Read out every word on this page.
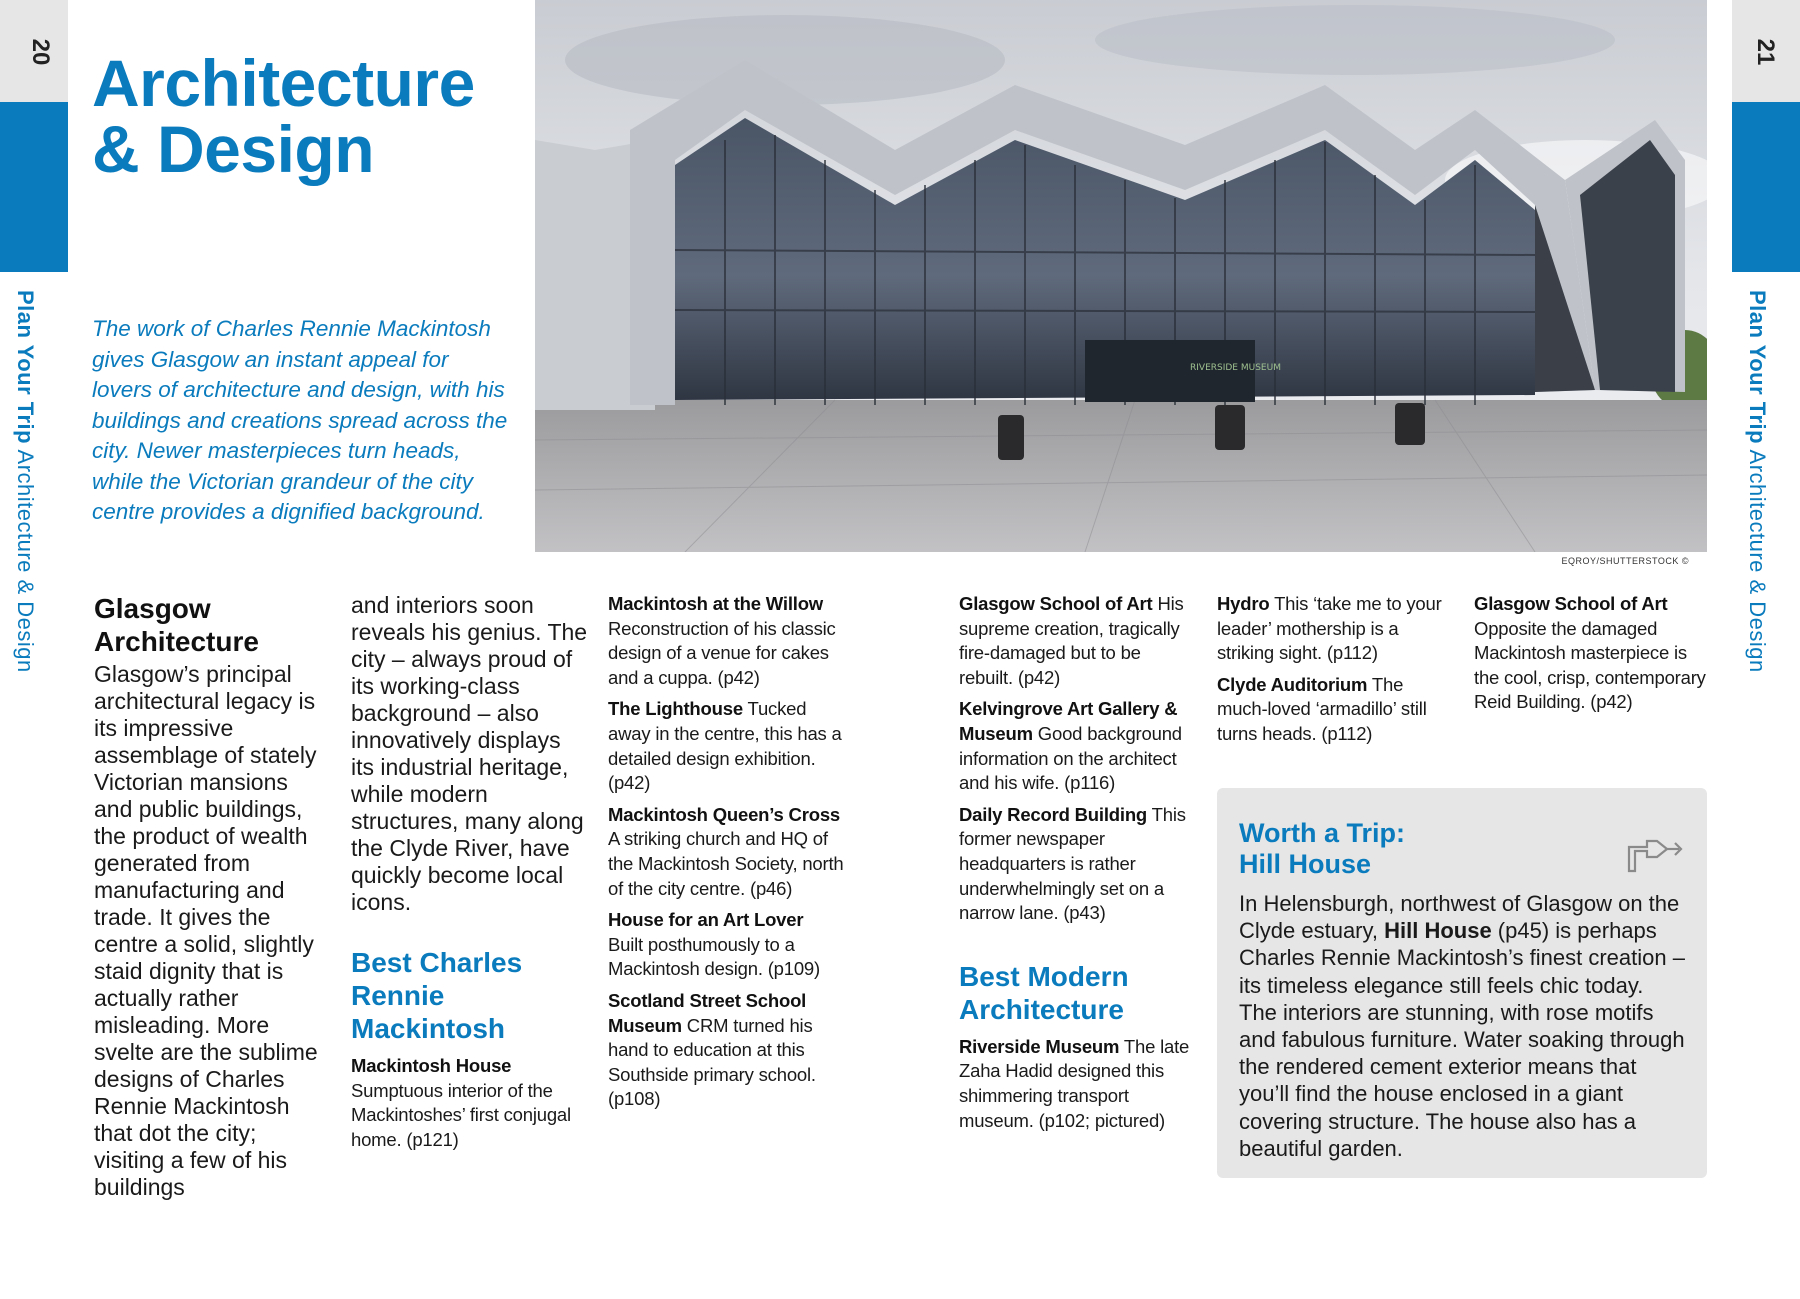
20
Plan Your Trip Architecture & Design
21
Plan Your Trip Architecture & Design
Architecture
& Design

The work of Charles Rennie Mackintosh gives Glasgow an instant appeal for lovers of architecture and design, with his buildings and creations spread across the city. Newer masterpieces turn heads, while the Victorian grandeur of the city centre provides a dignified background.

RIVERSIDE MUSEUM
EQROY/SHUTTERSTOCK ©
Glasgow Architecture

Glasgow’s principal architectural legacy is its impressive assemblage of stately Victorian mansions and public buildings, the product of wealth generated from manufacturing and trade. It gives the centre a solid, slightly staid dignity that is actually rather misleading. More svelte are the sublime designs of Charles Rennie Mackintosh that dot the city; visiting a few of his buildings

and interiors soon reveals his genius. The city – always proud of its working-class background – also innovatively displays its industrial heritage, while modern structures, many along the Clyde River, have quickly become local icons.

Best Charles Rennie Mackintosh
Mackintosh House
Sumptuous interior of the Mackintoshes’ first conjugal home. (p121)
Mackintosh at the Willow
Reconstruction of his classic design of a venue for cakes and a cuppa. (p42)
The Lighthouse Tucked away in the centre, this has a detailed design exhibition. (p42)
Mackintosh Queen’s Cross
A striking church and HQ of the Mackintosh Society, north of the city centre. (p46)
House for an Art Lover
Built posthumously to a Mackintosh design. (p109)
Scotland Street School Museum CRM turned his hand to education at this Southside primary school. (p108)
Glasgow School of Art His supreme creation, tragically fire-damaged but to be rebuilt. (p42)
Kelvingrove Art Gallery & Museum Good background information on the architect and his wife. (p116)
Daily Record Building This former newspaper headquarters is rather underwhelmingly set on a narrow lane. (p43)
Best Modern Architecture
Riverside Museum The late Zaha Hadid designed this shimmering transport museum. (p102; pictured)
Hydro This ‘take me to your leader’ mothership is a striking sight. (p112)
Clyde Auditorium The much-loved ‘armadillo’ still turns heads. (p112)
Glasgow School of Art
Opposite the damaged Mackintosh masterpiece is the cool, crisp, contemporary Reid Building. (p42)
Worth a Trip:
Hill House

In Helensburgh, northwest of Glasgow on the Clyde estuary, Hill House (p45) is perhaps Charles Rennie Mackintosh’s finest creation – its timeless elegance still feels chic today. The interiors are stunning, with rose motifs and fabulous furniture. Water soaking through the rendered cement exterior means that you’ll find the house enclosed in a giant covering structure. The house also has a beautiful garden.
